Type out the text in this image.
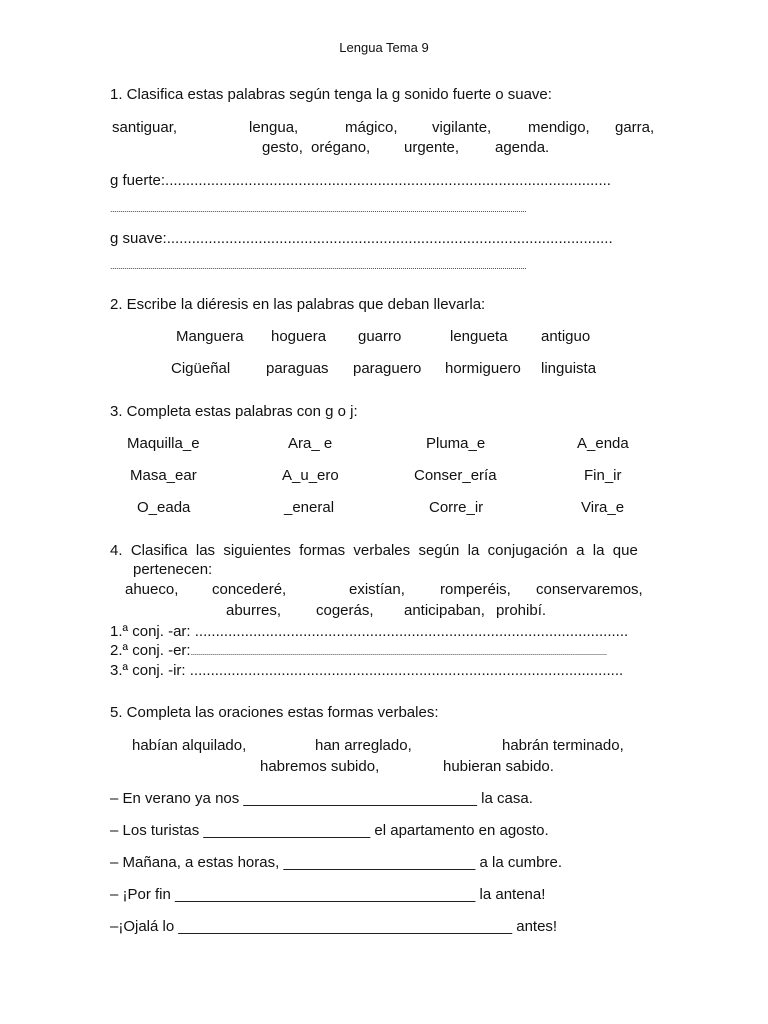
Lengua Tema 9
1. Clasifica estas palabras según tenga la g sonido fuerte o suave:
santiguar,	lengua,	mágico, vigilante, mendigo, garra,
gesto, orégano, urgente, agenda.
g fuerte:...........................................................................................................
................................................................................................................................................................................................................
g suave:...........................................................................................................
................................................................................................................................................................................................................
2. Escribe la diéresis en las palabras que deban llevarla:
Manguera hoguera guarro	lengueta antiguo
Cigüeñal paraguas paraguero hormiguero linguista
3. Completa estas palabras con g o j:
Maquilla_e	Ara_ e	Pluma_e	A_enda
Masa_ear	A_u_ero	Conser_ería	Fin_ir
O_eada	_eneral	Corre_ir	Vira_e
4.  Clasifica  las  siguientes  formas  verbales  según  la  conjugación  a  la  que
pertenecen:
ahueco, concederé,	existían, romperéis, conservaremos,
aburres, cogerás, anticipaban, prohibí.
1.ª conj. -ar: ........................................................................................................
2.ª conj. -er:................................................................................................................................................................................................................
3.ª conj. -ir: ........................................................................................................
5. Completa las oraciones estas formas verbales:
habían alquilado,	han arreglado,	habrán terminado,
habremos subido,	hubieran sabido.
– En verano ya nos ____________________________ la casa.
– Los turistas ____________________ el apartamento en agosto.
– Mañana, a estas horas, _______________________ a la cumbre.
– ¡Por fin ____________________________________ la antena!
–¡Ojalá lo ________________________________________ antes!
